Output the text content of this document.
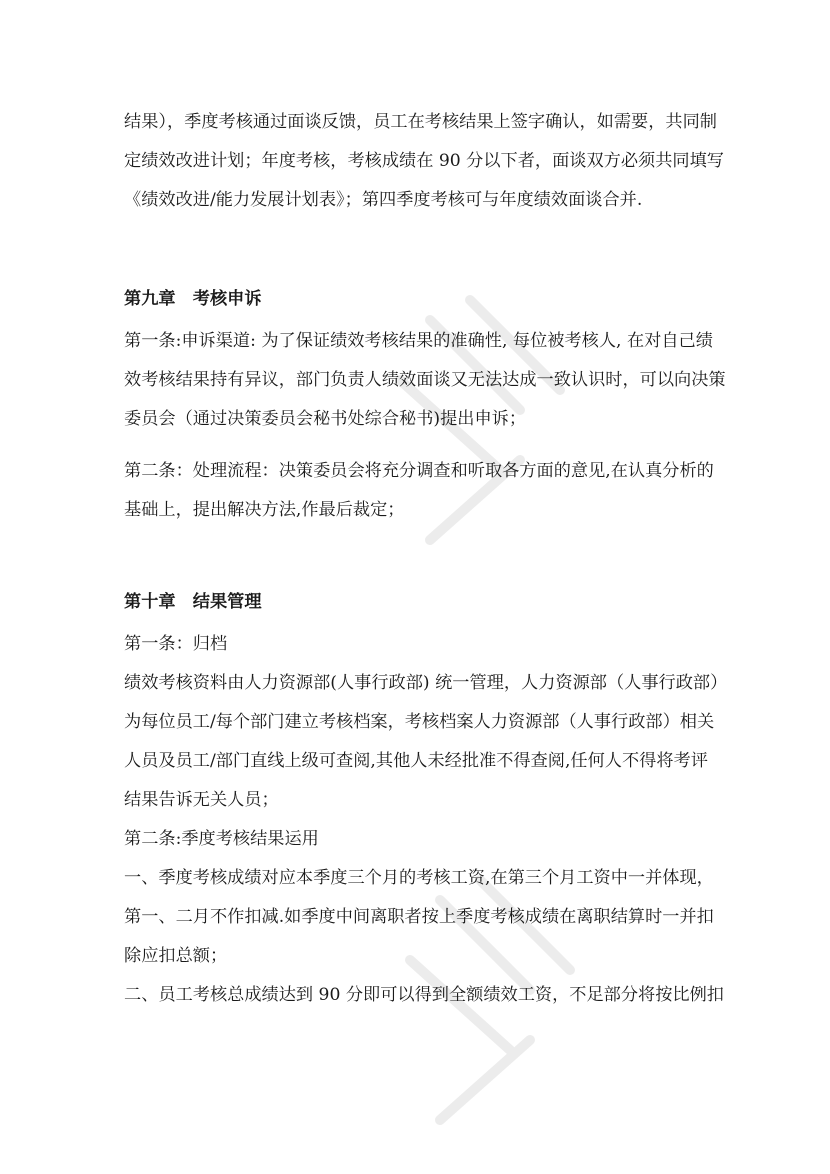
结果），季度考核通过面谈反馈，员工在考核结果上签字确认，如需要，共同制
定绩效改进计划；年度考核，考核成绩在 90 分以下者，面谈双方必须共同填写
《绩效改进/能力发展计划表》；第四季度考核可与年度绩效面谈合并.
第九章　考核申诉
第一条:申诉渠道: 为了保证绩效考核结果的准确性, 每位被考核人, 在对自己绩
效考核结果持有异议，部门负责人绩效面谈又无法达成一致认识时，可以向决策
委员会（通过决策委员会秘书处综合秘书)提出申诉；
第二条：处理流程：决策委员会将充分调查和听取各方面的意见,在认真分析的
基础上，提出解决方法,作最后裁定；
第十章　结果管理
第一条：归档
绩效考核资料由人力资源部(人事行政部) 统一管理，人力资源部（人事行政部）
为每位员工/每个部门建立考核档案，考核档案人力资源部（人事行政部）相关
人员及员工/部门直线上级可查阅,其他人未经批准不得查阅,任何人不得将考评
结果告诉无关人员；
第二条:季度考核结果运用
一、季度考核成绩对应本季度三个月的考核工资,在第三个月工资中一并体现，
第一、二月不作扣减.如季度中间离职者按上季度考核成绩在离职结算时一并扣
除应扣总额；
二、员工考核总成绩达到 90 分即可以得到全额绩效工资，不足部分将按比例扣
